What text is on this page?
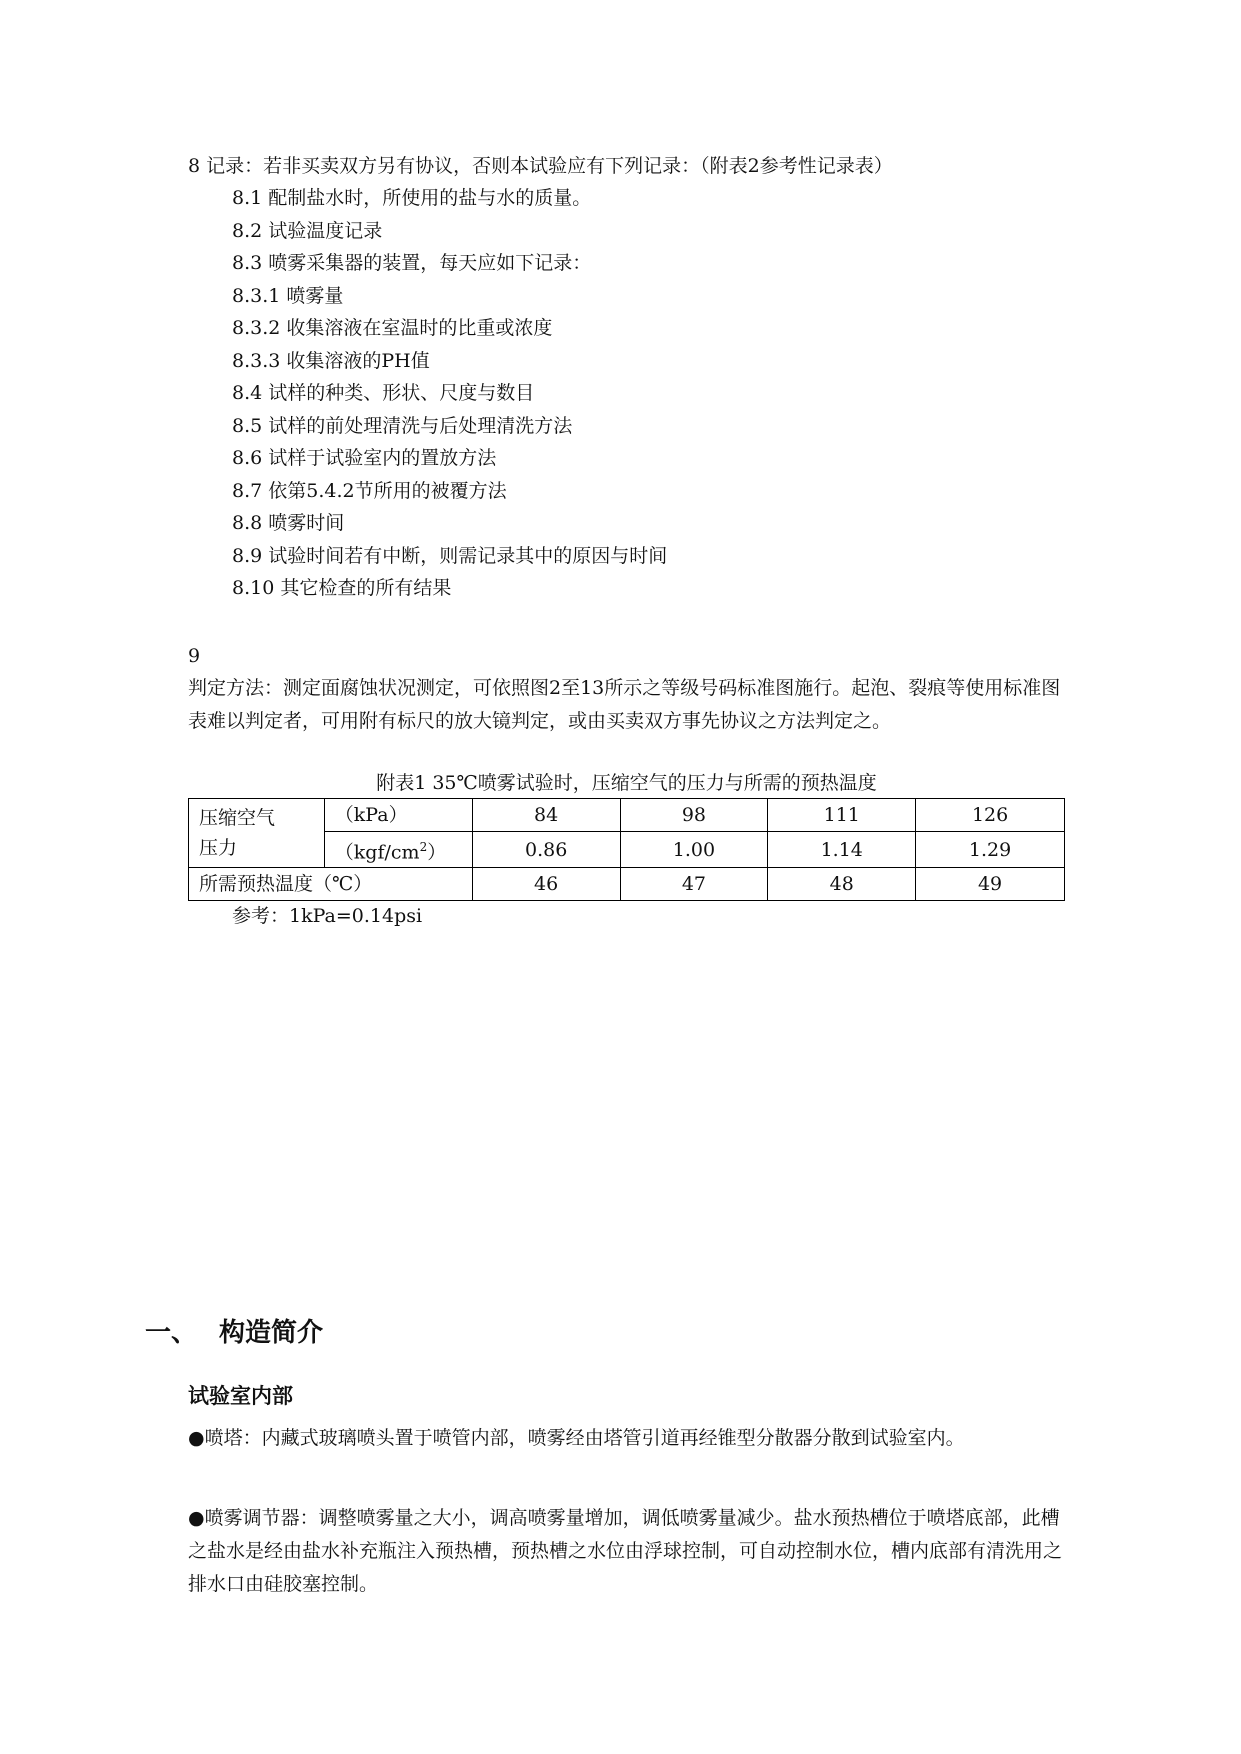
8 记录：若非买卖双方另有协议，否则本试验应有下列记录：（附表2参考性记录表）
8.1 配制盐水时，所使用的盐与水的质量。
8.2 试验温度记录
8.3 喷雾采集器的装置，每天应如下记录：
8.3.1 喷雾量
8.3.2 收集溶液在室温时的比重或浓度
8.3.3 收集溶液的PH值
8.4 试样的种类、形状、尺度与数目
8.5 试样的前处理清洗与后处理清洗方法
8.6 试样于试验室内的置放方法
8.7 依第5.4.2节所用的被覆方法
8.8 喷雾时间
8.9 试验时间若有中断，则需记录其中的原因与时间
8.10 其它检查的所有结果
9
判定方法：测定面腐蚀状况测定，可依照图2至13所示之等级号码标准图施行。起泡、裂痕等使用标准图表难以判定者，可用附有标尺的放大镜判定，或由买卖双方事先协议之方法判定之。
附表1 35℃喷雾试验时，压缩空气的压力与所需的预热温度
压缩空气
压力	（kPa）	84	98	111	126
	$(kgf/cm^2)$	0.86	1.00	1.14	1.29
所需预热温度（℃）		46	47	48	49
参考：1kPa=0.14psi
一、 构造简介
试验室内部
●喷塔：内藏式玻璃喷头置于喷管内部，喷雾经由塔管引道再经锥型分散器分散到试验室内。
●喷雾调节器：调整喷雾量之大小，调高喷雾量增加，调低喷雾量减少。盐水预热槽位于喷塔底部，此槽之盐水是经由盐水补充瓶注入预热槽，预热槽之水位由浮球控制，可自动控制水位，槽内底部有清洗用之排水口由硅胶塞控制。
